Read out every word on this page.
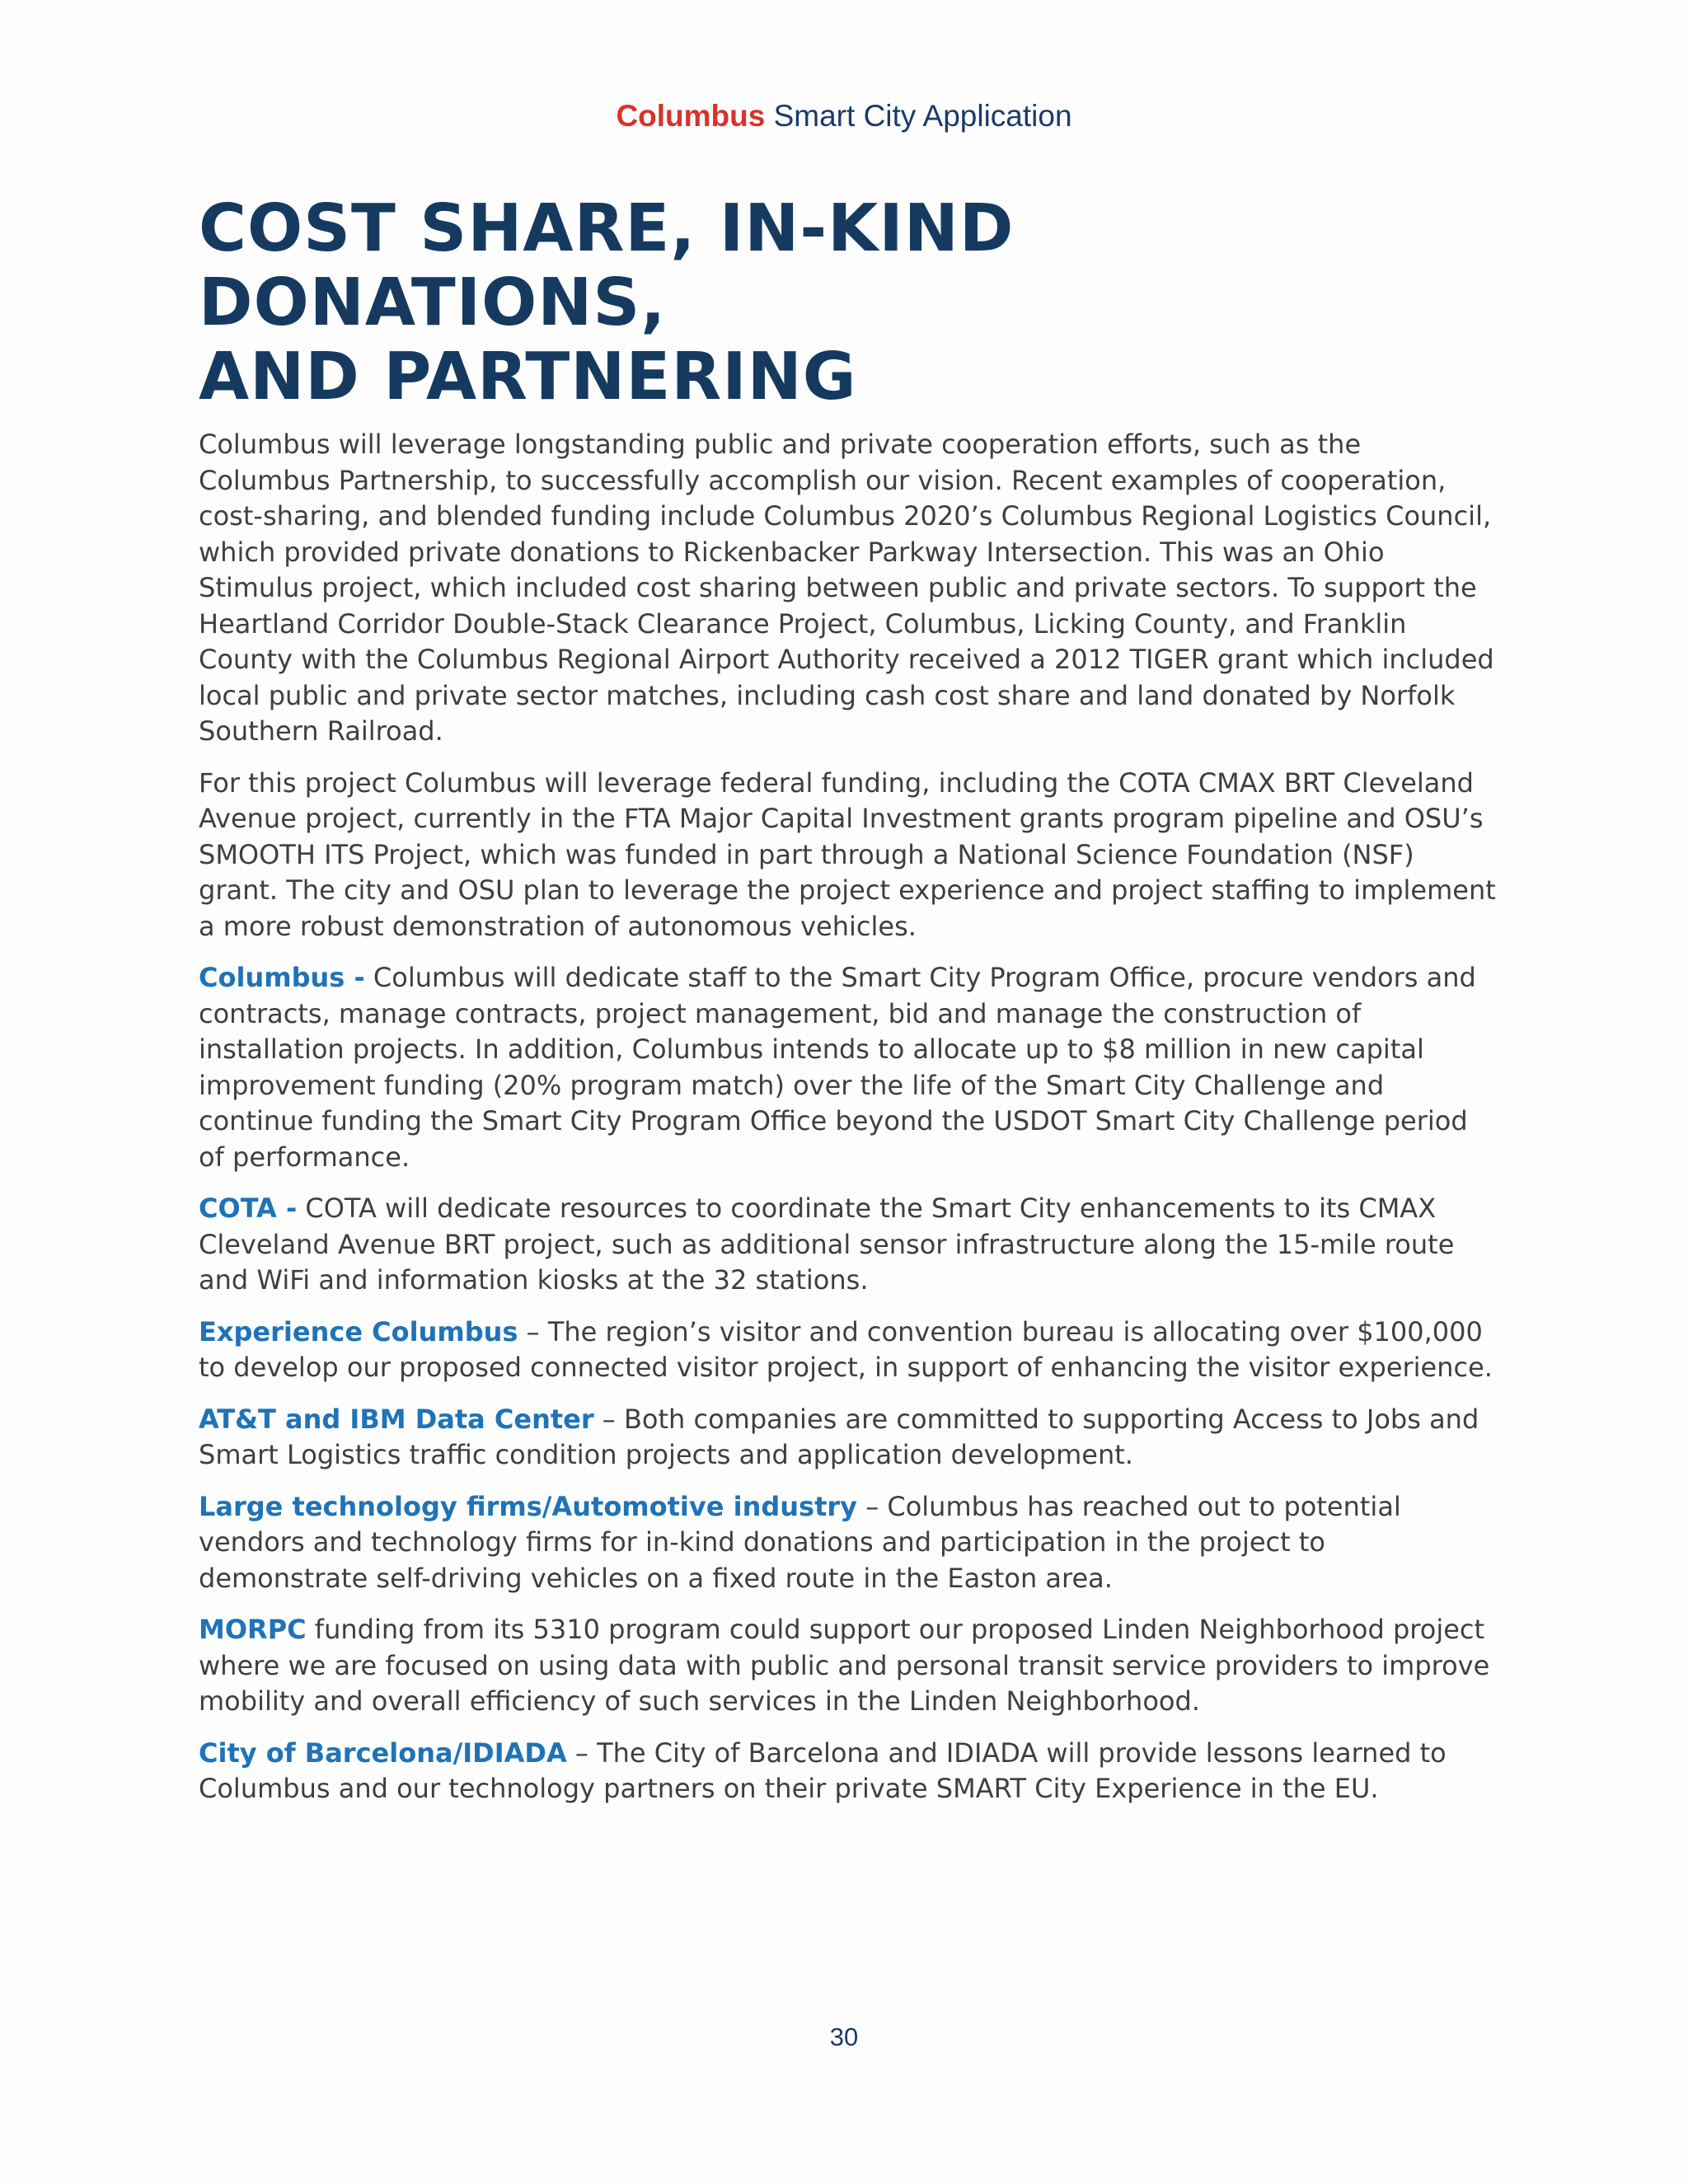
Columbus Smart City Application
COST SHARE, IN-KIND DONATIONS,
AND PARTNERING

Columbus will leverage longstanding public and private cooperation efforts, such as the Columbus Partnership, to successfully accomplish our vision. Recent examples of cooperation, cost-sharing, and blended funding include Columbus 2020’s Columbus Regional Logistics Council, which provided private donations to Rickenbacker Parkway Intersection. This was an Ohio Stimulus project, which included cost sharing between public and private sectors. To support the Heartland Corridor Double-Stack Clearance Project, Columbus, Licking County, and Franklin County with the Columbus Regional Airport Authority received a 2012 TIGER grant which included local public and private sector matches, including cash cost share and land donated by Norfolk Southern Railroad.

For this project Columbus will leverage federal funding, including the COTA CMAX BRT Cleveland Avenue project, currently in the FTA Major Capital Investment grants program pipeline and OSU’s SMOOTH ITS Project, which was funded in part through a National Science Foundation (NSF) grant. The city and OSU plan to leverage the project experience and project staffing to implement a more robust demonstration of autonomous vehicles.

Columbus - Columbus will dedicate staff to the Smart City Program Office, procure vendors and contracts, manage contracts, project management, bid and manage the construction of installation projects. In addition, Columbus intends to allocate up to $8 million in new capital improvement funding (20% program match) over the life of the Smart City Challenge and continue funding the Smart City Program Office beyond the USDOT Smart City Challenge period of performance.

COTA - COTA will dedicate resources to coordinate the Smart City enhancements to its CMAX Cleveland Avenue BRT project, such as additional sensor infrastructure along the 15-mile route and WiFi and information kiosks at the 32 stations.

Experience Columbus – The region’s visitor and convention bureau is allocating over $100,000 to develop our proposed connected visitor project, in support of enhancing the visitor experience.

AT&T and IBM Data Center – Both companies are committed to supporting Access to Jobs and Smart Logistics traffic condition projects and application development.

Large technology firms/Automotive industry – Columbus has reached out to potential vendors and technology firms for in-kind donations and participation in the project to demonstrate self-driving vehicles on a fixed route in the Easton area.

MORPC funding from its 5310 program could support our proposed Linden Neighborhood project where we are focused on using data with public and personal transit service providers to improve mobility and overall efficiency of such services in the Linden Neighborhood.

City of Barcelona/IDIADA – The City of Barcelona and IDIADA will provide lessons learned to Columbus and our technology partners on their private SMART City Experience in the EU.

30
